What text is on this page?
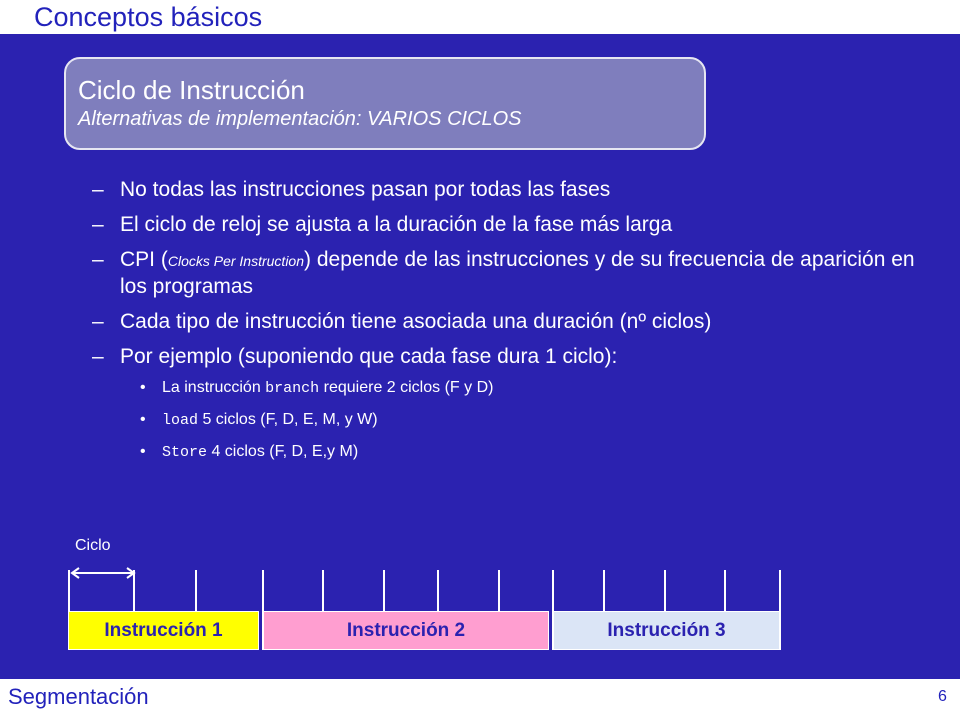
Conceptos básicos
Ciclo de Instrucción
Alternativas de implementación: VARIOS CICLOS
– No todas las instrucciones pasan por todas las fases
– El ciclo de reloj se ajusta a la duración de la fase más larga
– CPI (Clocks Per Instruction) depende de las instrucciones y de su frecuencia de aparición en los programas
– Cada tipo de instrucción tiene asociada una duración (nº ciclos)
– Por ejemplo (suponiendo que cada fase dura 1 ciclo):
• La instrucción branch requiere 2 ciclos (F y D)
• load 5 ciclos (F, D, E, M, y W)
• Store 4 ciclos (F, D, E,y M)
Ciclo
Instrucción 1	Instrucción 2	Instrucción 3
Segmentación	6
